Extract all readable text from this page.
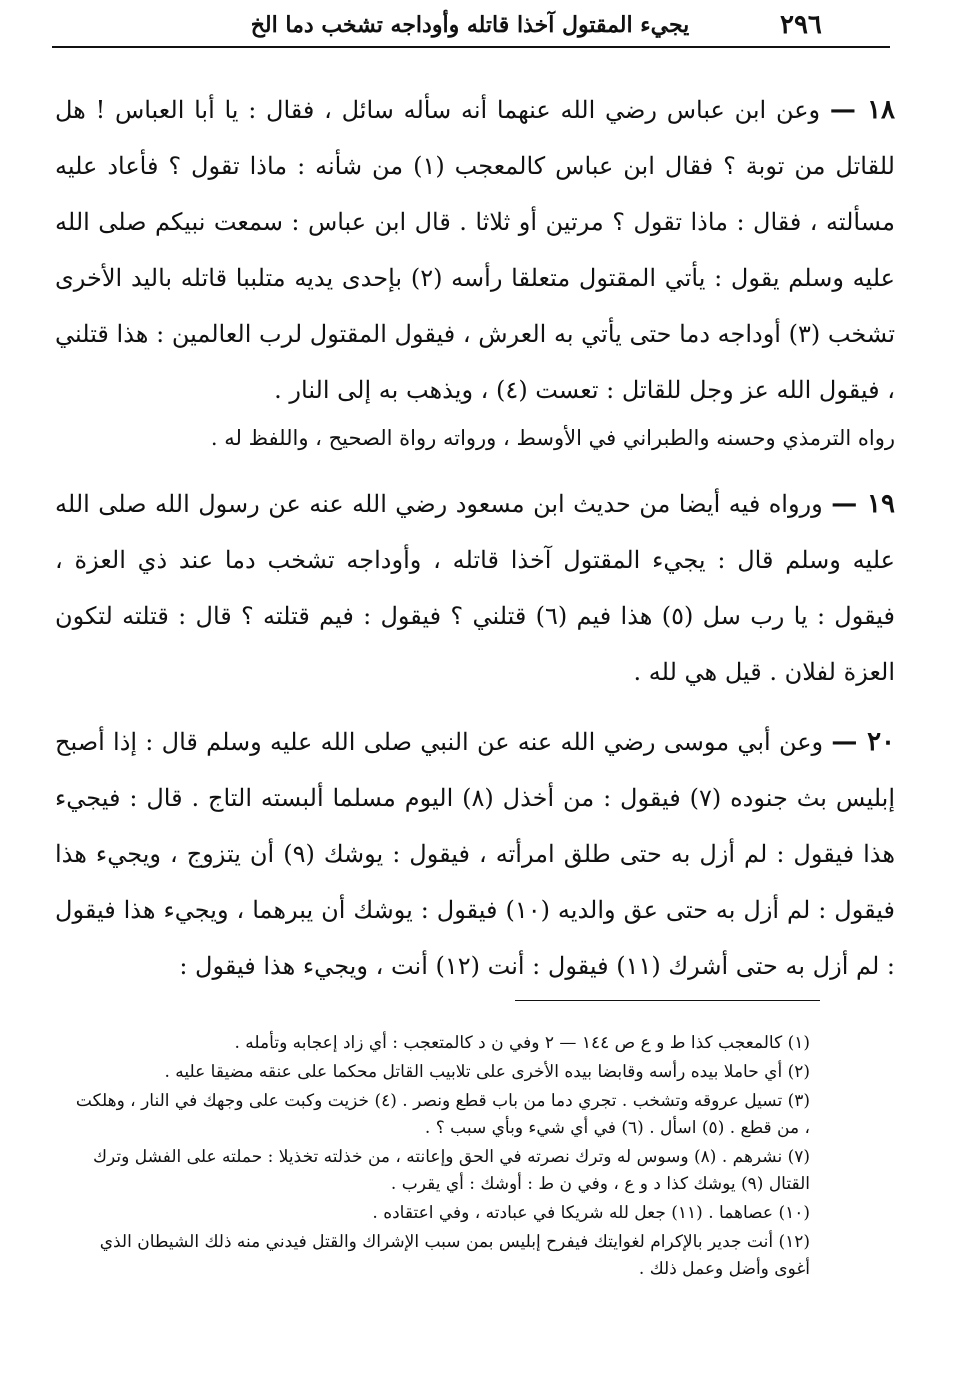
٢٩٦
يجيء المقتول آخذا قاتله وأوداجه تشخب دما الخ

١٨ — وعن ابن عباس رضي الله عنهما أنه سأله سائل ، فقال : يا أبا العباس ! هل للقاتل من توبة ؟ فقال ابن عباس كالمعجب (١) من شأنه : ماذا تقول ؟ فأعاد عليه مسألته ، فقال : ماذا تقول ؟ مرتين أو ثلاثا . قال ابن عباس : سمعت نبيكم صلى الله عليه وسلم يقول : يأتي المقتول متعلقا رأسه (٢) بإحدى يديه متلببا قاتله باليد الأخرى تشخب (٣) أوداجه دما حتى يأتي به العرش ، فيقول المقتول لرب العالمين : هذا قتلني ، فيقول الله عز وجل للقاتل : تعست (٤) ، ويذهب به إلى النار .

رواه الترمذي وحسنه والطبراني في الأوسط ، ورواته رواة الصحيح ، واللفظ له .

١٩ — ورواه فيه أيضا من حديث ابن مسعود رضي الله عنه عن رسول الله صلى الله عليه وسلم قال : يجيء المقتول آخذا قاتله ، وأوداجه تشخب دما عند ذي العزة ، فيقول : يا رب سل (٥) هذا فيم (٦) قتلني ؟ فيقول : فيم قتلته ؟ قال : قتلته لتكون العزة لفلان . قيل هي لله .

٢٠ — وعن أبي موسى رضي الله عنه عن النبي صلى الله عليه وسلم قال : إذا أصبح إبليس بث جنوده (٧) فيقول : من أخذل (٨) اليوم مسلما ألبسته التاج . قال : فيجيء هذا فيقول : لم أزل به حتى طلق امرأته ، فيقول : يوشك (٩) أن يتزوج ، ويجيء هذا فيقول : لم أزل به حتى عق والديه (١٠) فيقول : يوشك أن يبرهما ، ويجيء هذا فيقول : لم أزل به حتى أشرك (١١) فيقول : أنت (١٢) أنت ، ويجيء هذا فيقول :

(١) كالمعجب كذا ط و ع ص ١٤٤ — ٢ وفي ن د كالمتعجب : أي زاد إعجابه وتأمله .

(٢) أي حاملا بيده رأسه وقابضا بيده الأخرى على تلابيب القاتل محكما على عنقه مضيقا عليه .

(٣) تسيل عروقه وتشخب . تجري دما من باب قطع ونصر . (٤) خزيت وكبت على وجهك في النار ، وهلكت ، من قطع . (٥) اسأل . (٦) في أي شيء وبأي سبب ؟ .

(٧) نشرهم . (٨) وسوس له وترك نصرته في الحق وإعانته ، من خذلته تخذيلا : حملته على الفشل وترك القتال (٩) يوشك كذا د و ع ، وفي ن ط : أوشك : أي يقرب .

(١٠) عصاهما . (١١) جعل لله شريكا في عبادته ، وفي اعتقاده .

(١٢) أنت جدير بالإكرام لغوايتك فيفرح إبليس بمن سبب الإشراك والقتل فيدني منه ذلك الشيطان الذي أغوى وأضل وعمل ذلك .
